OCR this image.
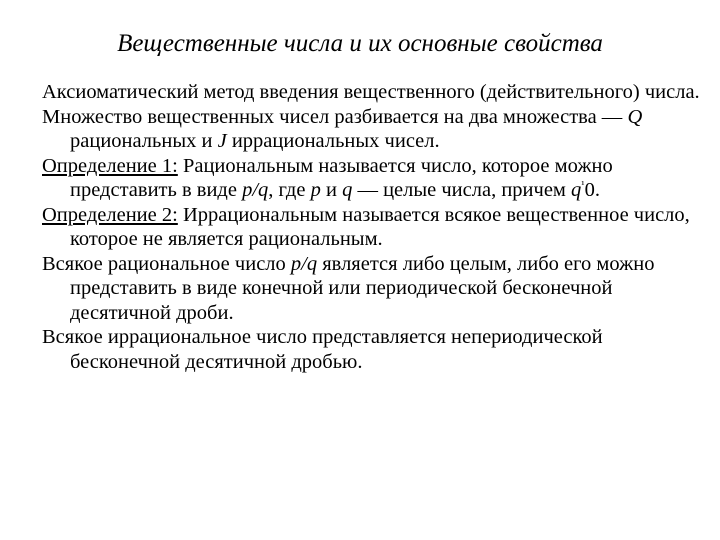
Вещественные числа и их основные свойства

Аксиоматический метод введения вещественного (действительного) числа.

Множество вещественных чисел разбивается на два множества — Q рациональных и J иррациональных чисел.

Определение 1: Рациональным называется число, которое можно представить в виде p/q, где p и q — целые числа, причем $q^{^1}0$.

Определение 2: Иррациональным называется всякое вещественное число, которое не является рациональным.

Всякое рациональное число p/q является либо целым, либо его можно представить в виде конечной или периодической бесконечной десятичной дроби.

Всякое иррациональное число представляется непериодической бесконечной десятичной дробью.
